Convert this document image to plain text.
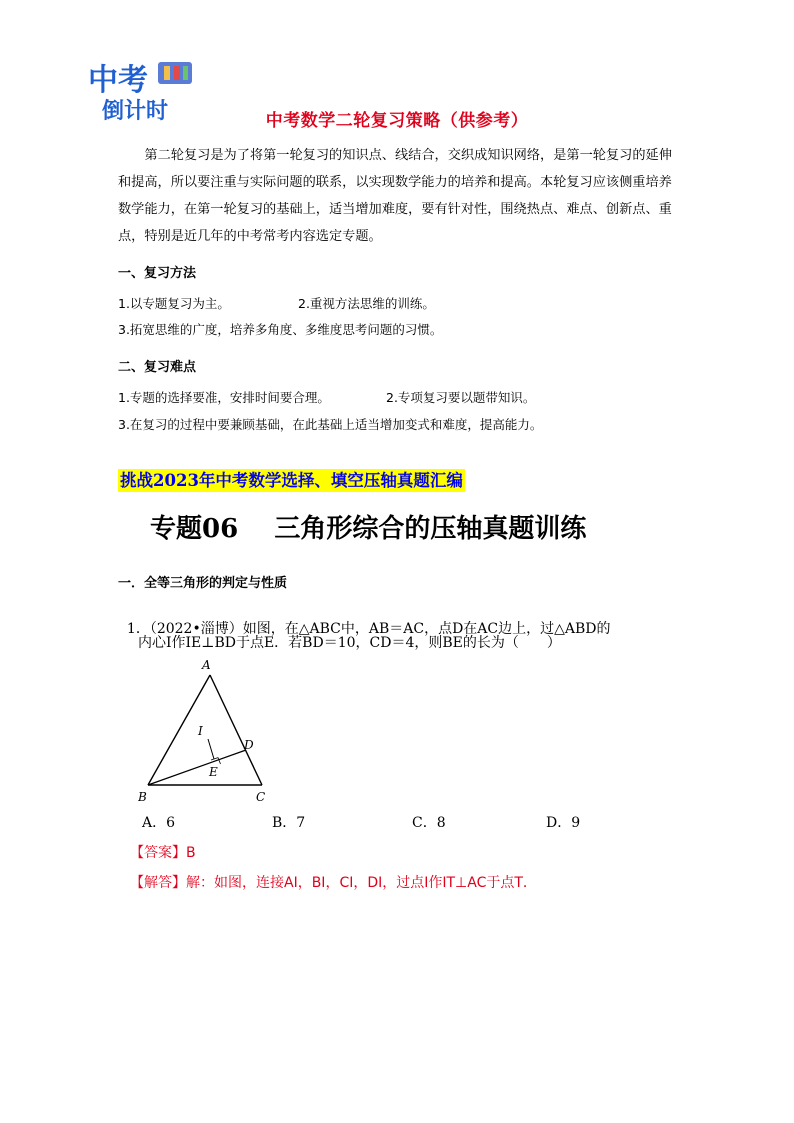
中考
倒计时	中考数学二轮复习策略（供参考）

第二轮复习是为了将第一轮复习的知识点、线结合，交织成知识网络，是第一轮复习的延伸和提高，所以要注重与实际问题的联系，以实现数学能力的培养和提高。本轮复习应该侧重培养数学能力，在第一轮复习的基础上，适当增加难度，要有针对性，围绕热点、难点、创新点、重点，特别是近几年的中考常考内容选定专题。

一、复习方法
1.以专题复习为主。	2.重视方法思维的训练。
3.拓宽思维的广度，培养多角度、多维度思考问题的习惯。
二、复习难点
1.专题的选择要准，安排时间要合理。	2.专项复习要以题带知识。
3.在复习的过程中要兼顾基础，在此基础上适当增加变式和难度，提高能力。
挑战2023年中考数学选择、填空压轴真题汇编
专题06    三角形综合的压轴真题训练
一．全等三角形的判定与性质

1．（2022•淄博）如图，在△ABC中，AB＝AC，点D在AC边上，过△ABD的

内心I作IE⊥BD于点E．若BD＝10，CD＝4，则BE的长为（　　）
A
B	C
D
E
I
A．6	B．7	C．8	D．9
【答案】B
【解答】解：如图，连接AI，BI，CI，DI，过点I作IT⊥AC于点T．
